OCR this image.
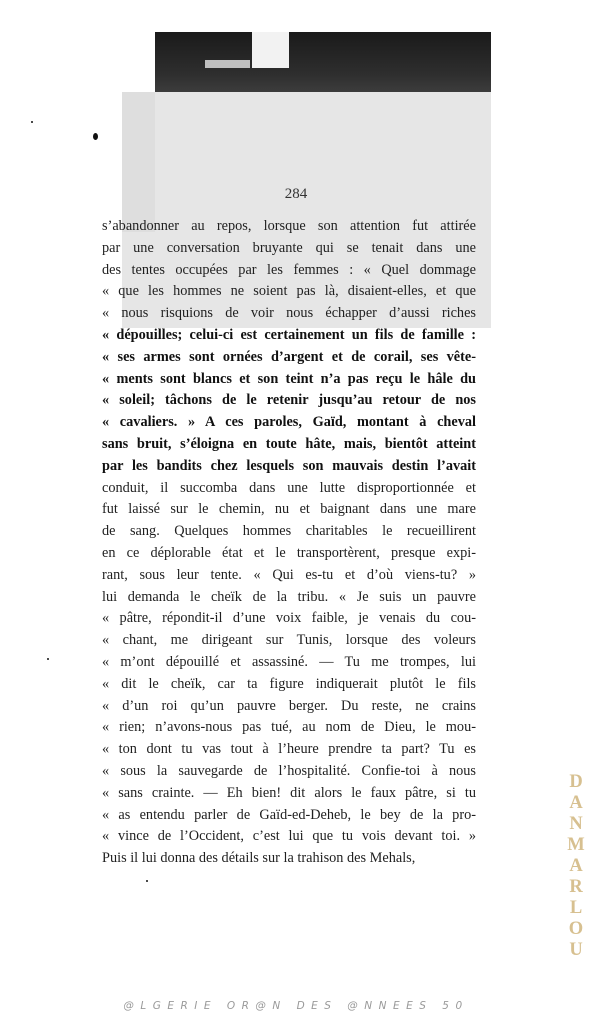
284
s’abandonner au repos, lorsque son attention fut attirée
par une conversation bruyante qui se tenait dans une
des tentes occupées par les femmes : « Quel dommage
« que les hommes ne soient pas là, disaient-elles, et que
« nous risquions de voir nous échapper d’aussi riches
« dépouilles; celui-ci est certainement un fils de famille :
« ses armes sont ornées d’argent et de corail, ses vête-
« ments sont blancs et son teint n’a pas reçu le hâle du
« soleil; tâchons de le retenir jusqu’au retour de nos
« cavaliers. » A ces paroles, Gaïd, montant à cheval
sans bruit, s’éloigna en toute hâte, mais, bientôt atteint
par les bandits chez lesquels son mauvais destin l’avait
conduit, il succomba dans une lutte disproportionnée et
fut laissé sur le chemin, nu et baignant dans une mare
de sang. Quelques hommes charitables le recueillirent
en ce déplorable état et le transportèrent, presque expi-
rant, sous leur tente. « Qui es-tu et d’où viens-tu? »
lui demanda le cheïk de la tribu. « Je suis un pauvre
« pâtre, répondit-il d’une voix faible, je venais du cou-
« chant, me dirigeant sur Tunis, lorsque des voleurs
« m’ont dépouillé et assassiné. — Tu me trompes, lui
« dit le cheïk, car ta figure indiquerait plutôt le fils
« d’un roi qu’un pauvre berger. Du reste, ne crains
« rien; n’avons-nous pas tué, au nom de Dieu, le mou-
« ton dont tu vas tout à l’heure prendre ta part? Tu es
« sous la sauvegarde de l’hospitalité. Confie-toi à nous
« sans crainte. — Eh bien! dit alors le faux pâtre, si tu
« as entendu parler de Gaïd-ed-Deheb, le bey de la pro-
« vince de l’Occident, c’est lui que tu vois devant toi. »
Puis il lui donna des détails sur la trahison des Mehals,
D
A
N
M
A
R
L
O
U
@LGERIE OR@N DES @NNEES 50
